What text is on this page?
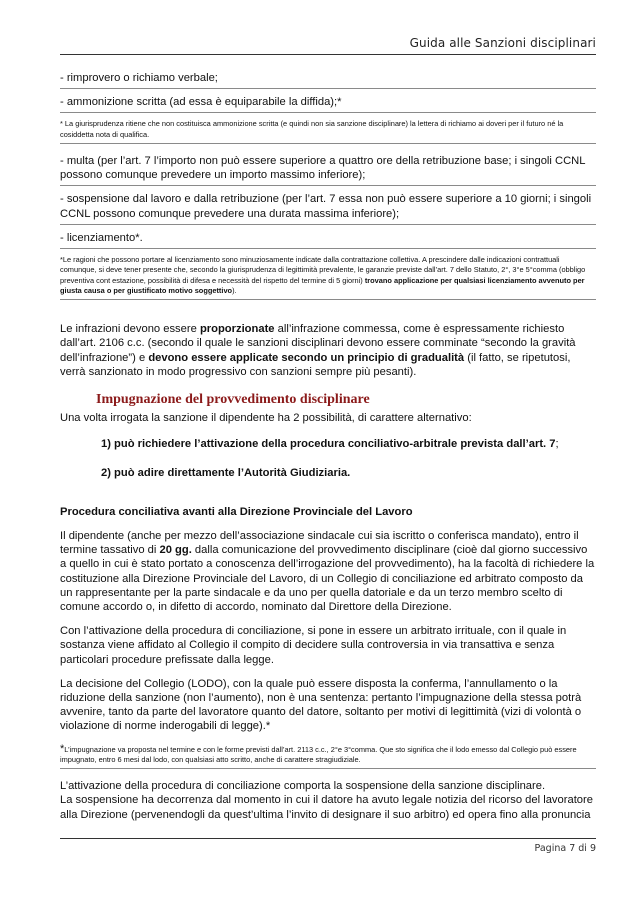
Guida alle Sanzioni disciplinari

- rimprovero o richiamo verbale;

- ammonizione scritta (ad essa è equiparabile la diffida);*

* La giurisprudenza ritiene che non costituisca ammonizione scritta (e quindi non sia sanzione disciplinare) la lettera di richiamo ai doveri per il futuro né la cosiddetta nota di qualifica.

- multa (per l’art. 7 l’importo non può essere superiore a quattro ore della retribuzione base; i singoli CCNL possono comunque prevedere un importo massimo inferiore);

- sospensione dal lavoro e dalla retribuzione (per l’art. 7 essa non può essere superiore a 10 giorni; i singoli CCNL possono comunque prevedere una durata massima inferiore);

- licenziamento*.

*Le ragioni che possono portare al licenziamento sono minuziosamente indicate dalla contrattazione collettiva. A prescindere dalle indicazioni contrattuali comunque, si deve tener presente che, secondo la giurisprudenza di legittimità prevalente, le garanzie previste dall’art. 7 dello Statuto, 2°, 3°e 5°comma (obbligo preventiva cont estazione, possibilità di difesa e necessità del rispetto del termine di 5 giorni) trovano applicazione per qualsiasi licenziamento avvenuto per giusta causa o per giustificato motivo soggettivo).

Le infrazioni devono essere proporzionate all’infrazione commessa, come è espressamente richiesto dall’art. 2106 c.c. (secondo il quale le sanzioni disciplinari devono essere comminate “secondo la gravità dell’infrazione”) e devono essere applicate secondo un principio di gradualità (il fatto, se ripetutosi, verrà sanzionato in modo progressivo con sanzioni sempre più pesanti).

Impugnazione del provvedimento disciplinare

Una volta irrogata la sanzione il dipendente ha 2 possibilità, di carattere alternativo:

1) può richiedere l’attivazione della procedura conciliativo-arbitrale prevista dall’art. 7;

2) può adire direttamente l’Autorità Giudiziaria.

Procedura conciliativa avanti alla Direzione Provinciale del Lavoro

Il dipendente (anche per mezzo dell’associazione sindacale cui sia iscritto o conferisca mandato), entro il termine tassativo di 20 gg. dalla comunicazione del provvedimento disciplinare (cioè dal giorno successivo a quello in cui è stato portato a conoscenza dell’irrogazione del provvedimento), ha la facoltà di richiedere la costituzione alla Direzione Provinciale del Lavoro, di un Collegio di conciliazione ed arbitrato composto da un rappresentante per la parte sindacale e da uno per quella datoriale e da un terzo membro scelto di comune accordo o, in difetto di accordo, nominato dal Direttore della Direzione.

Con l’attivazione della procedura di conciliazione, si pone in essere un arbitrato irrituale, con il quale in sostanza viene affidato al Collegio il compito di decidere sulla controversia in via transattiva e senza particolari procedure prefissate dalla legge.

La decisione del Collegio (LODO), con la quale può essere disposta la conferma, l’annullamento o la riduzione della sanzione (non l’aumento), non è una sentenza: pertanto l’impugnazione della stessa potrà avvenire, tanto da parte del lavoratore quanto del datore, soltanto per motivi di legittimità (vizi di volontà o violazione di norme inderogabili di legge).*

*L’impugnazione va proposta nel termine e con le forme previsti dall’art. 2113 c.c., 2°e 3°comma. Que sto significa che il lodo emesso dal Collegio può essere impugnato, entro 6 mesi dal lodo, con qualsiasi atto scritto, anche di carattere stragiudiziale.

L’attivazione della procedura di conciliazione comporta la sospensione della sanzione disciplinare.

La sospensione ha decorrenza dal momento in cui il datore ha avuto legale notizia del ricorso del lavoratore alla Direzione (pervenendogli da quest’ultima l’invito di designare il suo arbitro) ed opera fino alla pronuncia

Pagina 7 di 9
